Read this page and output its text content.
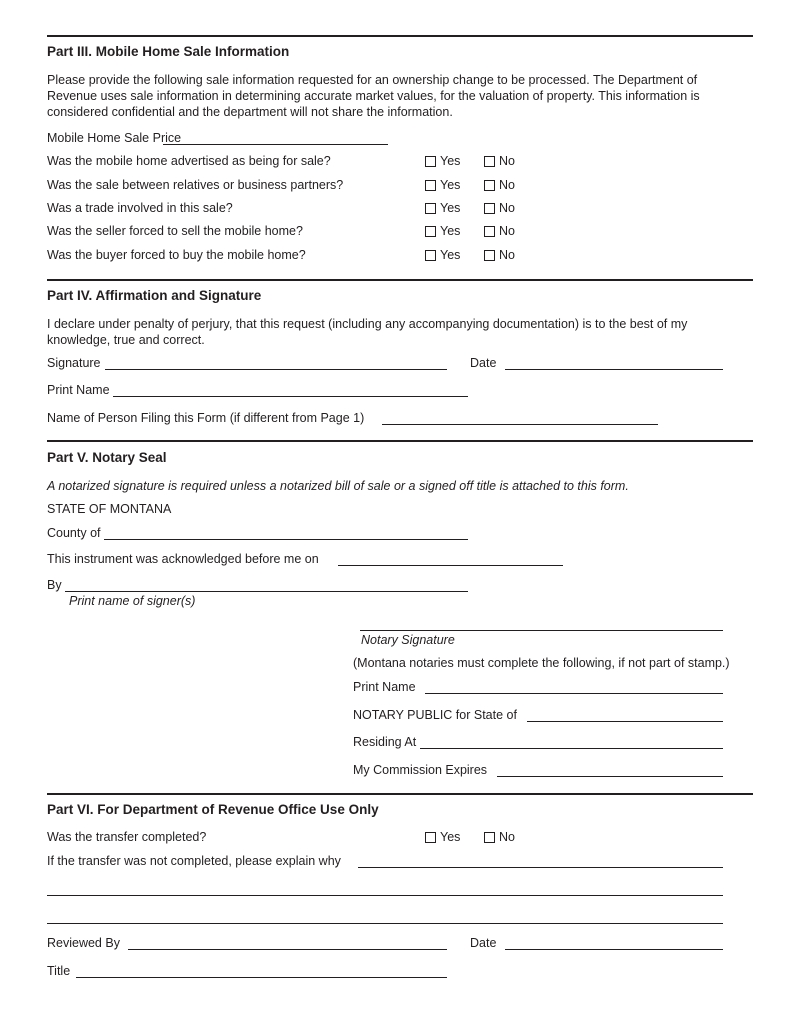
Part III. Mobile Home Sale Information
Please provide the following sale information requested for an ownership change to be processed. The Department of Revenue uses sale information in determining accurate market values, for the valuation of property. This information is considered confidential and the department will not share the information.
Mobile Home Sale Price
Was the mobile home advertised as being for sale?	Yes	No
Was the sale between relatives or business partners?	Yes	No
Was a trade involved in this sale?	Yes	No
Was the seller forced to sell the mobile home?	Yes	No
Was the buyer forced to buy the mobile home?	Yes	No
Part IV. Affirmation and Signature
I declare under penalty of perjury, that this request (including any accompanying documentation) is to the best of my knowledge, true and correct.
Signature	Date
Print Name
Name of Person Filing this Form (if different from Page 1)
Part V. Notary Seal
A notarized signature is required unless a notarized bill of sale or a signed off title is attached to this form.
STATE OF MONTANA
County of
This instrument was acknowledged before me on
By
Print name of signer(s)
Notary Signature
(Montana notaries must complete the following, if not part of stamp.)
Print Name
NOTARY PUBLIC for State of
Residing At
My Commission Expires
Part VI. For Department of Revenue Office Use Only
Was the transfer completed?	Yes	No
If the transfer was not completed, please explain why
Reviewed By	Date
Title
